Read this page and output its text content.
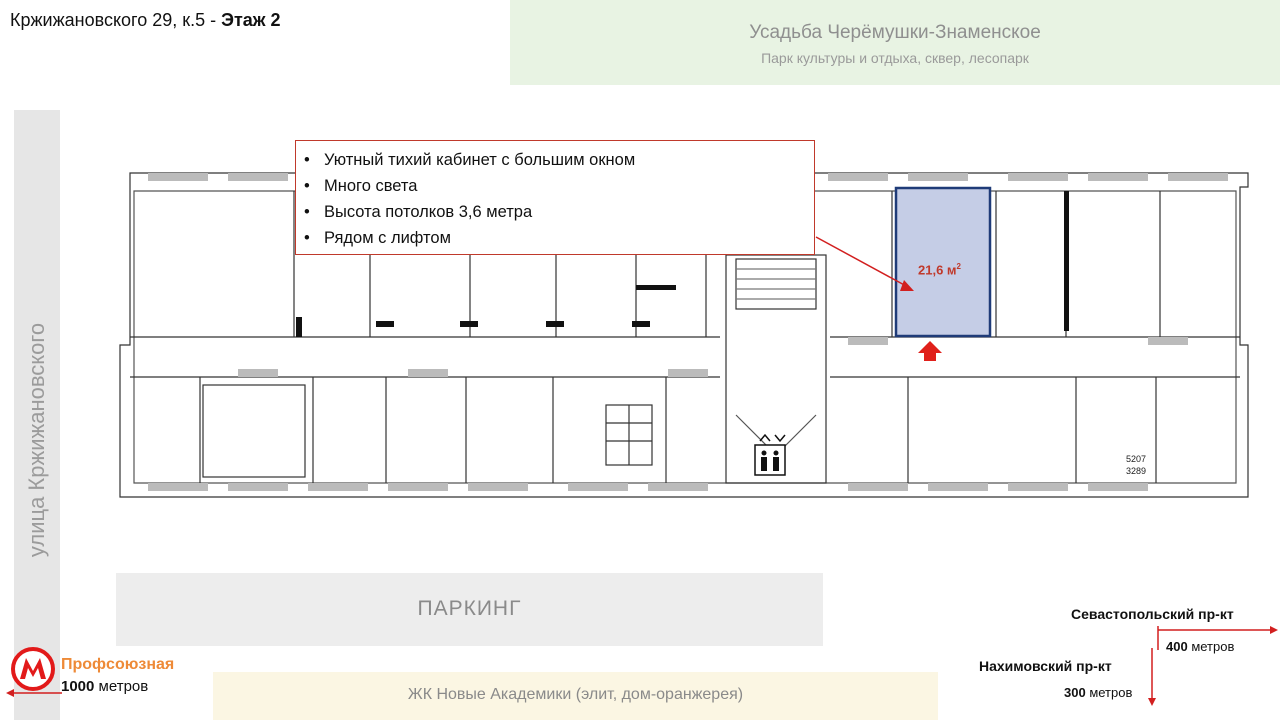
Кржижановского 29, к.5 - Этаж 2
Усадьба Черёмушки-Знаменское
Парк культуры и отдыха, сквер, лесопарк
улица Кржижановского
• Уютный тихий кабинет с большим окном
• Много света
• Высота потолков 3,6 метра
• Рядом с лифтом
21,6 $м^2$
5207
3289
ПАРКИНГ
ЖК Новые Академики (элит, дом-оранжерея)
Профсоюзная
1000 метров
Севастопольский пр-кт
400 метров
Нахимовский пр-кт
300 метров
